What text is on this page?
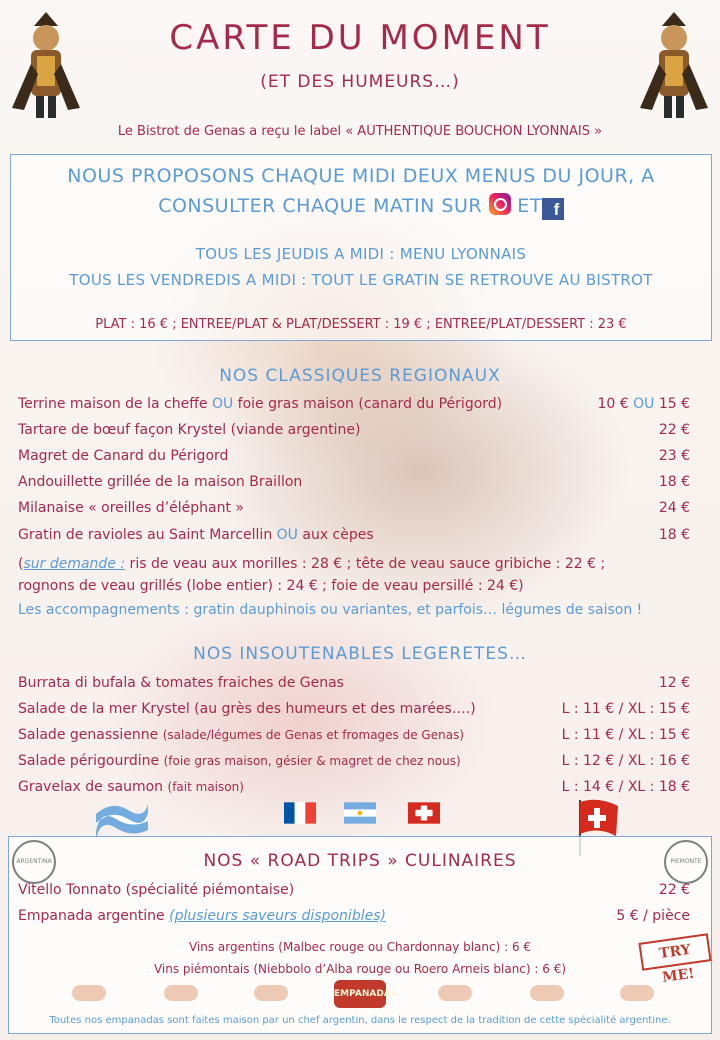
CARTE DU MOMENT
(ET DES HUMEURS…)
Le Bistrot de Genas a reçu le label « AUTHENTIQUE BOUCHON LYONNAIS »
NOUS PROPOSONS CHAQUE MIDI DEUX MENUS DU JOUR, A
CONSULTER CHAQUE MATIN SUR ET f
TOUS LES JEUDIS A MIDI : MENU LYONNAIS
TOUS LES VENDREDIS A MIDI : TOUT LE GRATIN SE RETROUVE AU BISTROT
PLAT : 16 € ; ENTREE/PLAT & PLAT/DESSERT : 19 € ; ENTREE/PLAT/DESSERT : 23 €
NOS CLASSIQUES REGIONAUX
Terrine maison de la cheffe OU foie gras maison (canard du Périgord)	10 € OU 15 €
Tartare de bœuf façon Krystel (viande argentine)	22 €
Magret de Canard du Périgord	23 €
Andouillette grillée de la maison Braillon	18 €
Milanaise « oreilles d’éléphant »	24 €
Gratin de ravioles au Saint Marcellin OU aux cèpes	18 €
(sur demande : ris de veau aux morilles : 28 € ; tête de veau sauce gribiche : 22 € ;
rognons de veau grillés (lobe entier) : 24 € ; foie de veau persillé : 24 €)
Les accompagnements : gratin dauphinois ou variantes, et parfois… légumes de saison !
NOS INSOUTENABLES LEGERETES…
Burrata di bufala & tomates fraiches de Genas	12 €
Salade de la mer Krystel (au grès des humeurs et des marées….)	L : 11 € / XL : 15 €
Salade genassienne (salade/légumes de Genas et fromages de Genas)	L : 11 € / XL : 15 €
Salade périgourdine (foie gras maison, gésier & magret de chez nous)	L : 12 € / XL : 16 €
Gravelax de saumon (fait maison)	L : 14 € / XL : 18 €
ARGENTINA	PIEMONTE
NOS « ROAD TRIPS » CULINAIRES
Vitello Tonnato (spécialité piémontaise)	22 €
Empanada argentine (plusieurs saveurs disponibles)	5 € / pièce
Vins argentins (Malbec rouge ou Chardonnay blanc) : 6 €
Vins piémontais (Niebbolo d’Alba rouge ou Roero Arneis blanc) : 6 €)
TRY ME!
EMPANADAS
Toutes nos empanadas sont faites maison par un chef argentin, dans le respect de la tradition de cette spécialité argentine.
